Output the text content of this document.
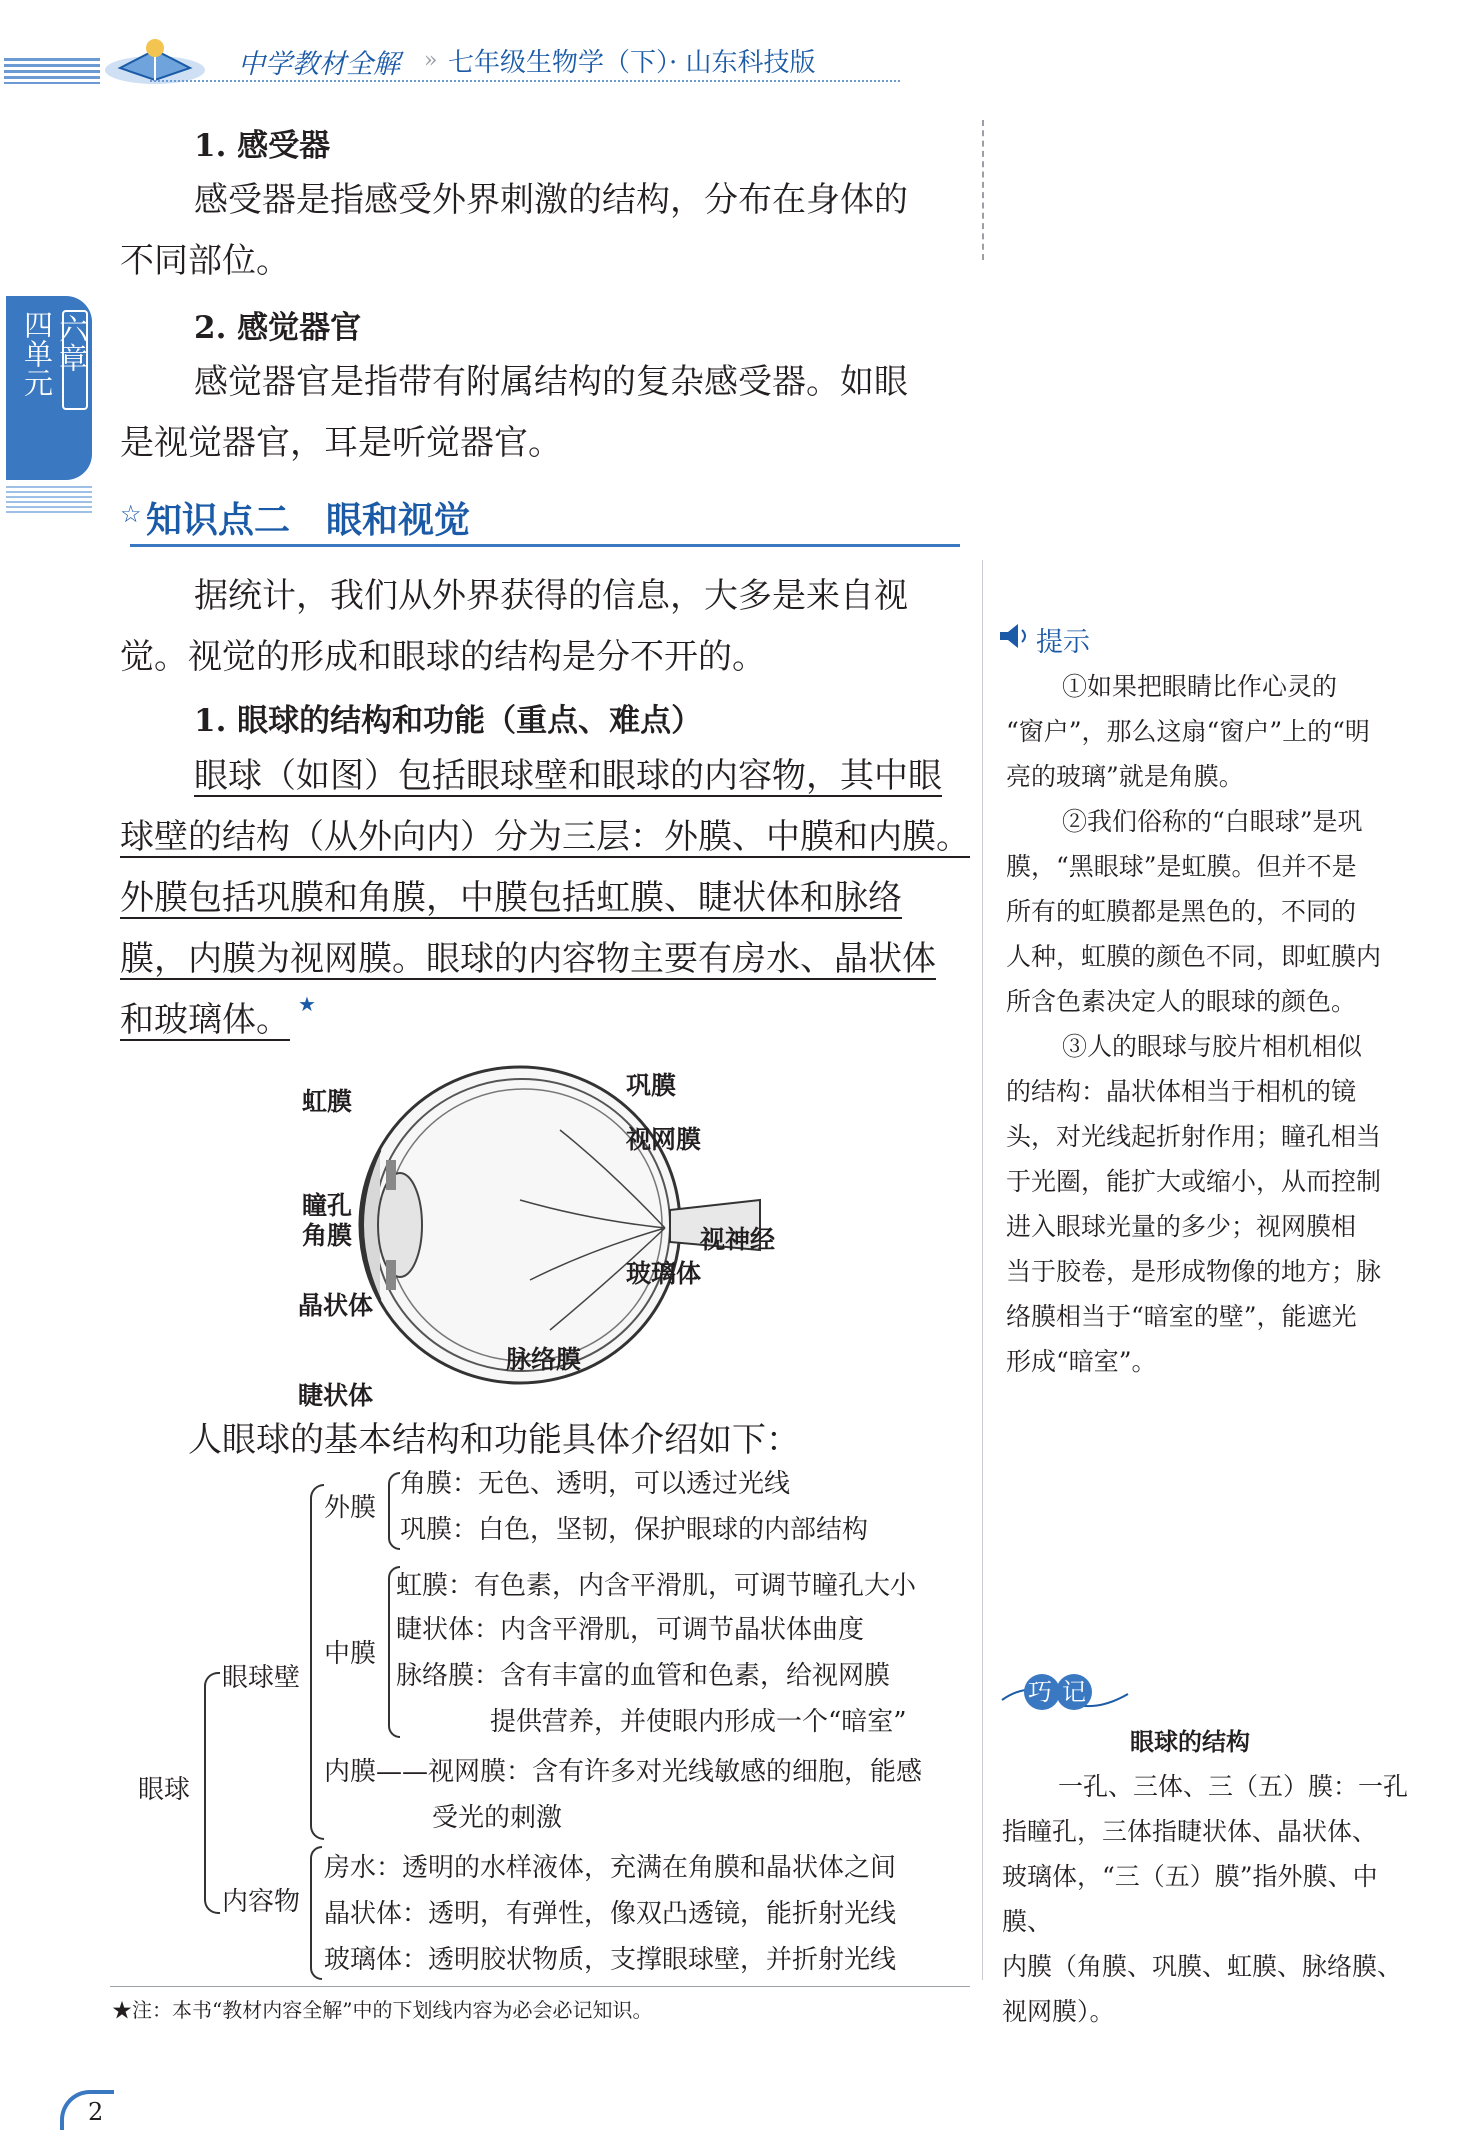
中学教材全解 七年级生物学（下）· 山东科技版
»
四单元 六章
1. 感受器
感受器是指感受外界刺激的结构，分布在身体的
不同部位。
2. 感觉器官
感觉器官是指带有附属结构的复杂感受器。如眼
是视觉器官，耳是听觉器官。
☆ 知识点二　眼和视觉
据统计，我们从外界获得的信息，大多是来自视
觉。视觉的形成和眼球的结构是分不开的。
1. 眼球的结构和功能（重点、难点）
眼球（如图）包括眼球壁和眼球的内容物，其中眼
球壁的结构（从外向内）分为三层：外膜、中膜和内膜。
外膜包括巩膜和角膜，中膜包括虹膜、睫状体和脉络
膜，内膜为视网膜。眼球的内容物主要有房水、晶状体
和玻璃体。 ★
虹膜
巩膜
视网膜
瞳孔
角膜	视神经
玻璃体
晶状体
脉络膜
睫状体
人眼球的基本结构和功能具体介绍如下：
眼球
眼球壁
内容物
外膜
中膜
内膜——视网膜：含有许多对光线敏感的细胞，能感
受光的刺激
角膜：无色、透明，可以透过光线
巩膜：白色，坚韧，保护眼球的内部结构
虹膜：有色素，内含平滑肌，可调节瞳孔大小
睫状体：内含平滑肌，可调节晶状体曲度
脉络膜：含有丰富的血管和色素，给视网膜
提供营养，并使眼内形成一个“暗室”
房水：透明的水样液体，充满在角膜和晶状体之间
晶状体：透明，有弹性，像双凸透镜，能折射光线
玻璃体：透明胶状物质，支撑眼球壁，并折射光线
★注：本书“教材内容全解”中的下划线内容为必会必记知识。
2
提示
①如果把眼睛比作心灵的
“窗户”，那么这扇“窗户”上的“明
亮的玻璃”就是角膜。
②我们俗称的“白眼球”是巩
膜，“黑眼球”是虹膜。但并不是
所有的虹膜都是黑色的，不同的
人种，虹膜的颜色不同，即虹膜内
所含色素决定人的眼球的颜色。
③人的眼球与胶片相机相似
的结构：晶状体相当于相机的镜
头，对光线起折射作用；瞳孔相当
于光圈，能扩大或缩小，从而控制
进入眼球光量的多少；视网膜相
当于胶卷，是形成物像的地方；脉
络膜相当于“暗室的壁”，能遮光
形成“暗室”。
巧记
眼球的结构
一孔、三体、三（五）膜：一孔
指瞳孔，三体指睫状体、晶状体、
玻璃体，“三（五）膜”指外膜、中膜、
内膜（角膜、巩膜、虹膜、脉络膜、
视网膜）。
